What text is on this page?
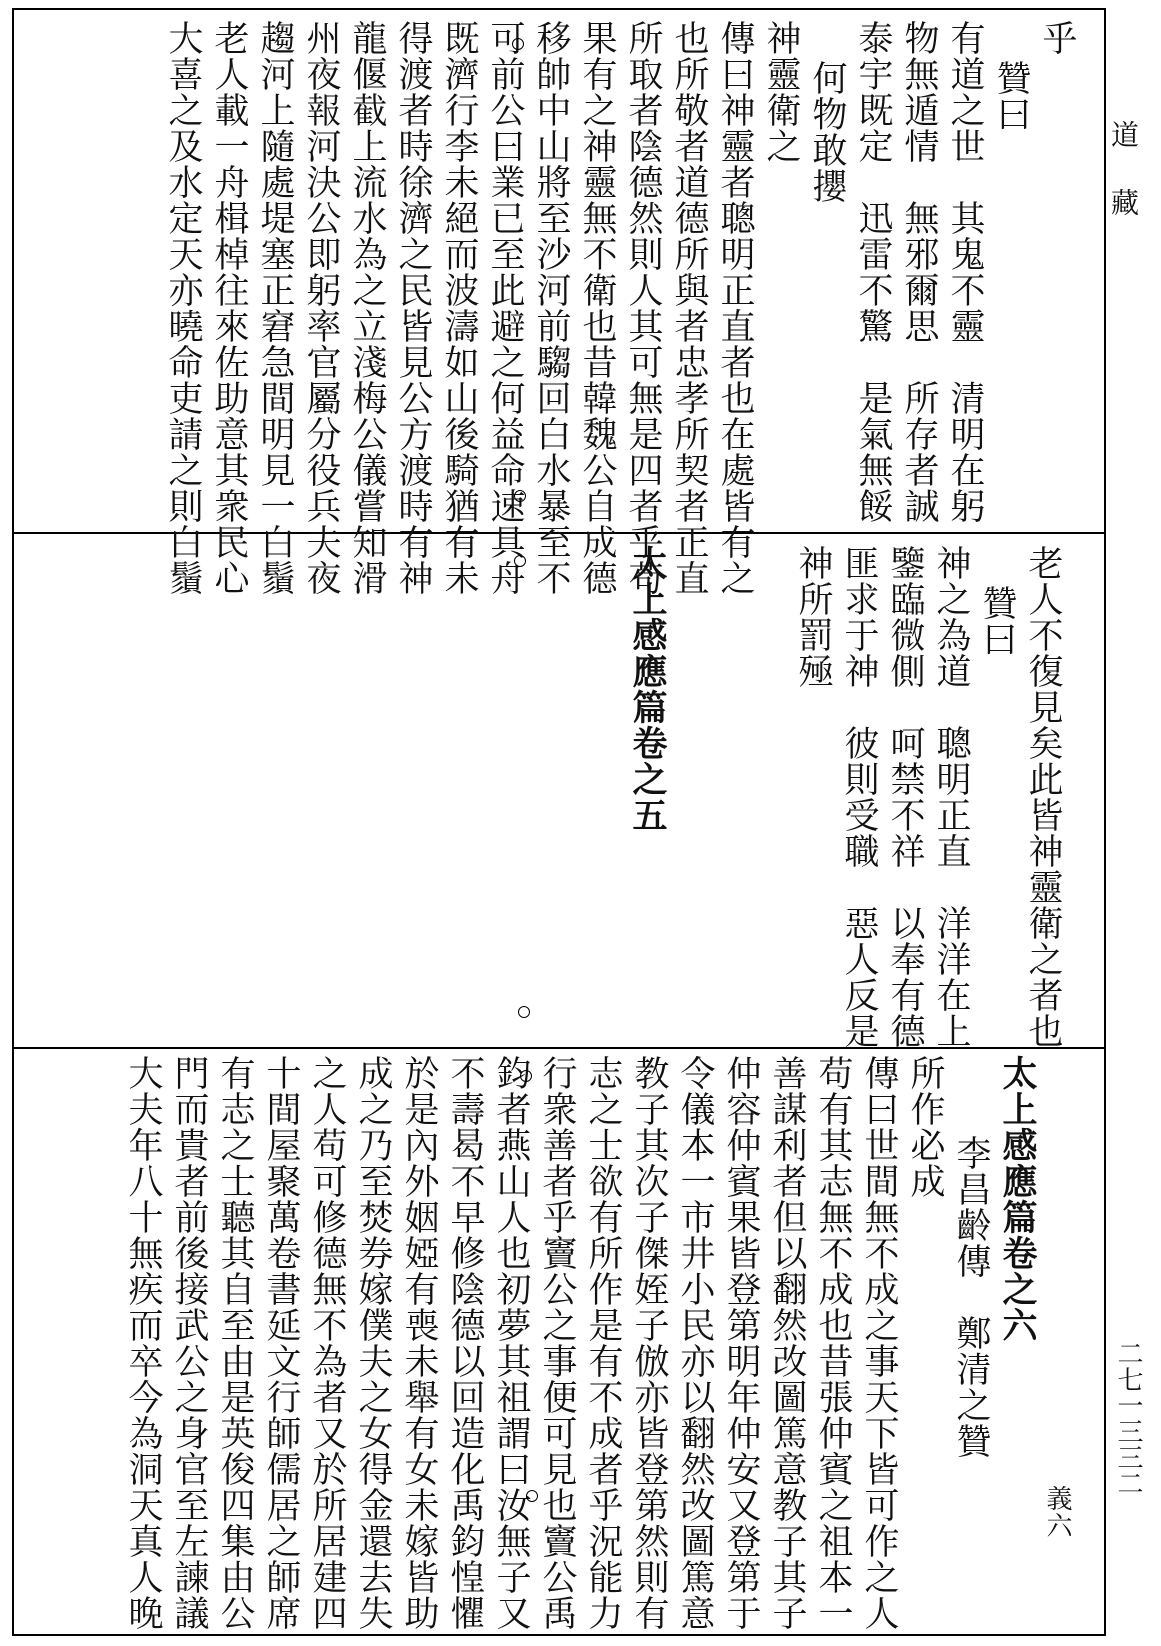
道藏
二七一三三二
乎
贊曰
有道之世　其鬼不靈　清明在躬
物無遁情　無邪爾思　所存者誠
泰宇既定　迅雷不驚　是氣無餒
何物敢攖
神靈衛之
傳曰神靈者聰明正直者也在處皆有之
也所敬者道德所與者忠孝所契者正直
所取者陰德然則人其可無是四者乎苟
果有之神靈無不衛也昔韓魏公自成德
移帥中山將至沙河前騶回白水暴至不
可前公曰業已至此避之何益命速具舟
既濟行李未絕而波濤如山後騎猶有未
得渡者時徐濟之民皆見公方渡時有神
龍偃截上流水為之立淺梅公儀嘗知滑
州夜報河決公即躬率官屬分役兵夫夜
趨河上隨處堤塞正窘急間明見一白鬚
老人載一舟楫棹往來佐助意其衆民心
大喜之及水定天亦曉命吏請之則白鬚
老人不復見矣此皆神靈衛之者也
贊曰
神之為道　聰明正直　洋洋在上
鑒臨微側　呵禁不祥　以奉有德
匪求于神　彼則受職　惡人反是
神所罰殛
太上感應篇卷之五
義六
太上感應篇卷之六
李昌齡傳　鄭清之贊
所作必成
傳曰世間無不成之事天下皆可作之人
苟有其志無不成也昔張仲賓之祖本一
善謀利者但以翻然改圖篤意教子其子
仲容仲賓果皆登第明年仲安又登第于
令儀本一市井小民亦以翻然改圖篤意
教子其次子傑姪子倣亦皆登第然則有
志之士欲有所作是有不成者乎況能力
行衆善者乎竇公之事便可見也竇公禹
鈞者燕山人也初夢其祖謂曰汝無子又
不壽曷不早修陰德以回造化禹鈞惶懼
於是內外姻婭有喪未舉有女未嫁皆助
成之乃至焚券嫁僕夫之女得金還去失
之人苟可修德無不為者又於所居建四
十間屋聚萬卷書延文行師儒居之師席
有志之士聽其自至由是英俊四集由公
門而貴者前後接武公之身官至左諫議
大夫年八十無疾而卒今為洞天真人晚
